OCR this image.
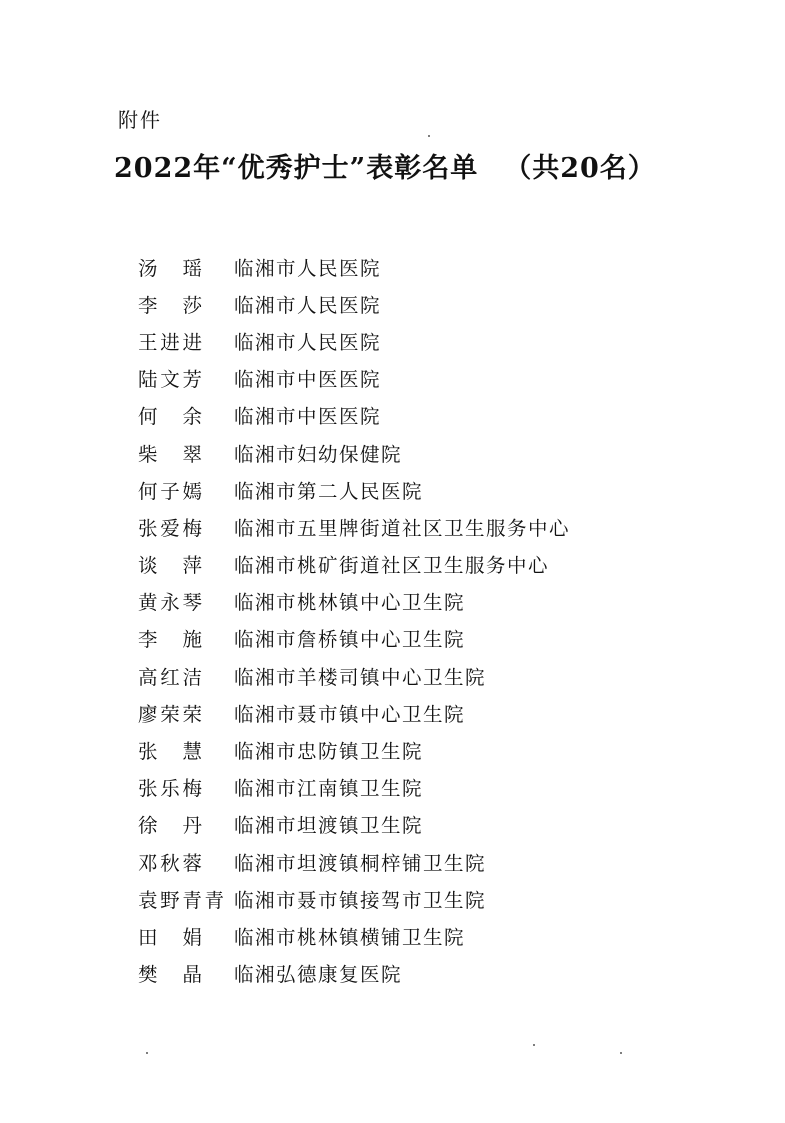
附件
2022年“优秀护士”表彰名单 （共20名）
汤 瑶 临湘市人民医院
李 莎 临湘市人民医院
王 进 进 临湘市人民医院
陆 文 芳 临湘市中医医院
何 余 临湘市中医医院
柴 翠 临湘市妇幼保健院
何 子 嫣 临湘市第二人民医院
张 爱 梅 临湘市五里牌街道社区卫生服务中心
谈 萍 临湘市桃矿街道社区卫生服务中心
黄 永 琴 临湘市桃林镇中心卫生院
李 施 临湘市詹桥镇中心卫生院
高 红 洁 临湘市羊楼司镇中心卫生院
廖 荣 荣 临湘市聂市镇中心卫生院
张 慧 临湘市忠防镇卫生院
张 乐 梅 临湘市江南镇卫生院
徐 丹 临湘市坦渡镇卫生院
邓 秋 蓉 临湘市坦渡镇桐梓铺卫生院
袁 野 青 青 临湘市聂市镇接驾市卫生院
田 娟 临湘市桃林镇横铺卫生院
樊 晶 临湘弘德康复医院
